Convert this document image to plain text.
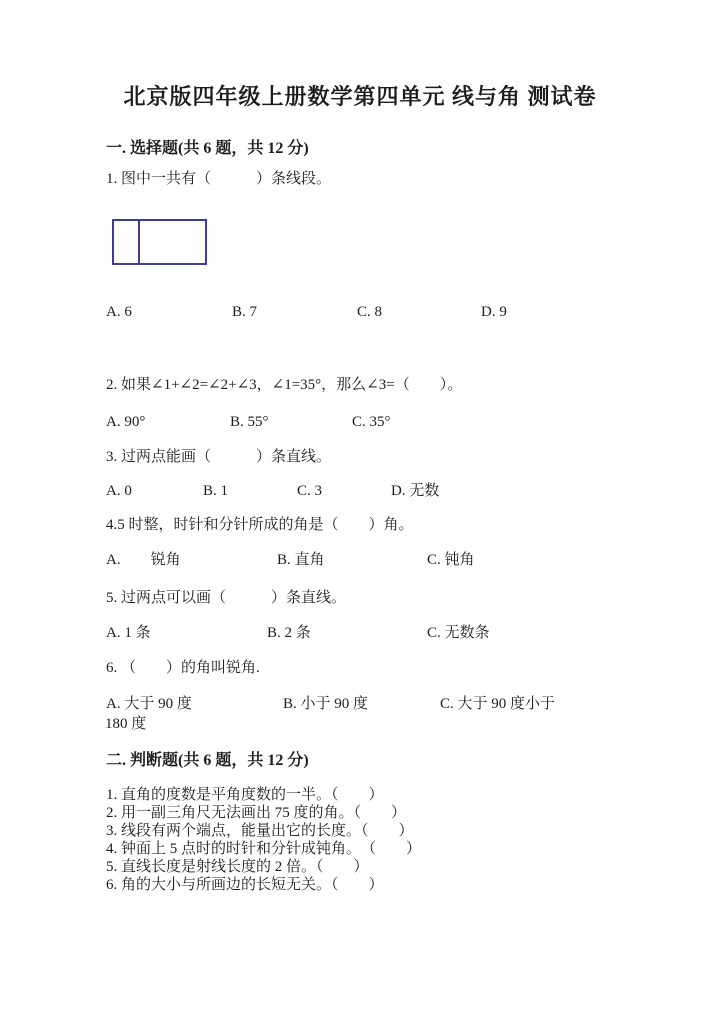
北京版四年级上册数学第四单元 线与角 测试卷
一. 选择题(共 6 题，共 12 分)
1. 图中一共有（　　　）条线段。
A. 6	B. 7	C. 8	D. 9
2. 如果∠1+∠2=∠2+∠3，∠1=35°，那么∠3=（　　）。
A. 90°	B. 55°	C. 35°
3. 过两点能画（　　　）条直线。
A. 0	B. 1	C. 3	D. 无数
4.5 时整，时针和分针所成的角是（　　）角。
A.　　锐角	B. 直角	C. 钝角
5. 过两点可以画（　　　）条直线。
A. 1 条	B. 2 条	C. 无数条
6. （　　）的角叫锐角.
A. 大于 90 度	B. 小于 90 度	C. 大于 90 度小于
180 度
二. 判断题(共 6 题，共 12 分)
1. 直角的度数是平角度数的一半。（　　）
2. 用一副三角尺无法画出 75 度的角。（　　）
3. 线段有两个端点，能量出它的长度。（　　）
4. 钟面上 5 点时的时针和分针成钝角。　（　　）
5. 直线长度是射线长度的 2 倍。（　　）
6. 角的大小与所画边的长短无关。（　　）
